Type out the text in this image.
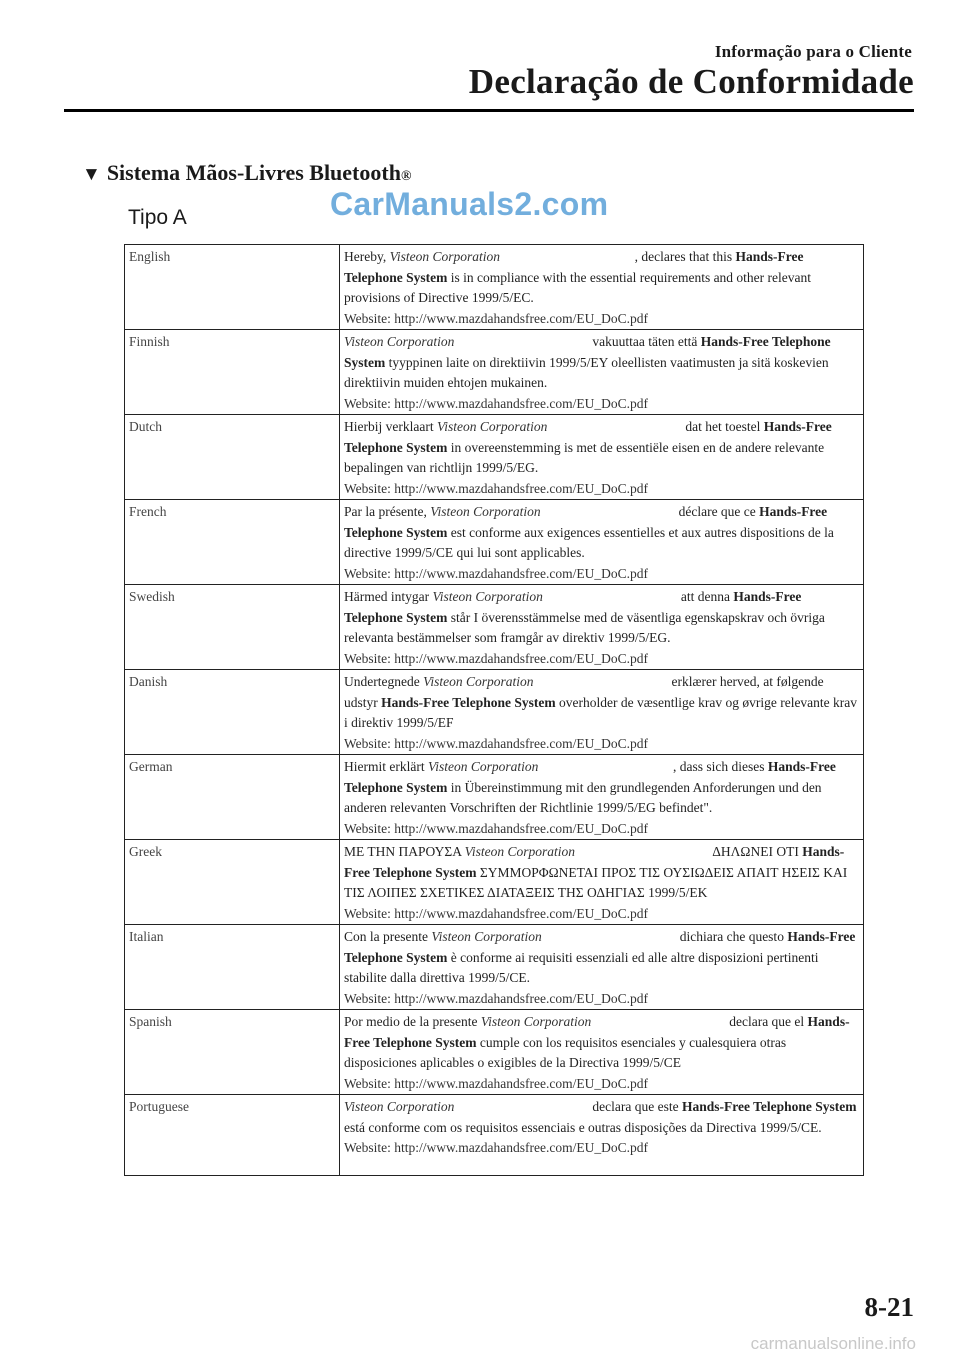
Informação para o Cliente
Declaração de Conformidade
▼ Sistema Mãos-Livres Bluetooth ®
CarManuals2.com
Tipo A
English	Hereby, Visteon Corporation , declares that this Hands-Free Telephone System is in compliance with the essential requirements and other relevant provisions of Directive 1999/5/EC.
Website: http://www.mazdahandsfree.com/EU_DoC.pdf

Finnish	Visteon Corporation vakuuttaa täten että Hands-Free Telephone System tyyppinen laite on direktiivin 1999/5/EY oleellisten vaatimusten ja sitä koskevien direktiivin muiden ehtojen mukainen.
Website: http://www.mazdahandsfree.com/EU_DoC.pdf

Dutch	Hierbij verklaart Visteon Corporation dat het toestel Hands-Free Telephone System in overeenstemming is met de essentiële eisen en de andere relevante bepalingen van richtlijn 1999/5/EG.
Website: http://www.mazdahandsfree.com/EU_DoC.pdf

French	Par la présente, Visteon Corporation déclare que ce Hands-Free Telephone System est conforme aux exigences essentielles et aux autres dispositions de la directive 1999/5/CE qui lui sont applicables.
Website: http://www.mazdahandsfree.com/EU_DoC.pdf

Swedish	Härmed intygar Visteon Corporation att denna Hands-Free Telephone System står I överensstämmelse med de väsentliga egenskapskrav och övriga relevanta bestämmelser som framgår av direktiv 1999/5/EG.
Website: http://www.mazdahandsfree.com/EU_DoC.pdf

Danish	Undertegnede Visteon Corporation erklærer herved, at følgende udstyr Hands-Free Telephone System overholder de væsentlige krav og øvrige relevante krav i direktiv 1999/5/EF
Website: http://www.mazdahandsfree.com/EU_DoC.pdf

German	Hiermit erklärt Visteon Corporation , dass sich dieses Hands-Free Telephone System in Übereinstimmung mit den grundlegenden Anforderungen und den anderen relevanten Vorschriften der Richtlinie 1999/5/EG befindet".
Website: http://www.mazdahandsfree.com/EU_DoC.pdf

Greek	ΜΕ ΤΗΝ ΠΑΡΟΥΣΑ Visteon Corporation ΔΗΛΩΝΕΙ ΟΤΙ Hands-Free Telephone System ΣΥΜΜΟΡΦΩΝΕΤΑΙ ΠΡΟΣ ΤΙΣ ΟΥΣΙΩΔΕΙΣ ΑΠΑΙΤ ΗΣΕΙΣ ΚΑΙ ΤΙΣ ΛΟΙΠΕΣ ΣΧΕΤΙΚΕΣ ΔΙΑΤΑΞΕΙΣ ΤΗΣ ΟΔΗΓΙΑΣ 1999/5/ΕΚ
Website: http://www.mazdahandsfree.com/EU_DoC.pdf

Italian	Con la presente Visteon Corporation dichiara che questo Hands-Free Telephone System è conforme ai requisiti essenziali ed alle altre disposizioni pertinenti stabilite dalla direttiva 1999/5/CE.
Website: http://www.mazdahandsfree.com/EU_DoC.pdf

Spanish	Por medio de la presente Visteon Corporation declara que el Hands-Free Telephone System cumple con los requisitos esenciales y cualesquiera otras disposiciones aplicables o exigibles de la Directiva 1999/5/CE
Website: http://www.mazdahandsfree.com/EU_DoC.pdf

Portuguese	Visteon Corporation declara que este Hands-Free Telephone System está conforme com os requisitos essenciais e outras disposições da Directiva 1999/5/CE.
Website: http://www.mazdahandsfree.com/EU_DoC.pdf
8-21
carmanualsonline.info
